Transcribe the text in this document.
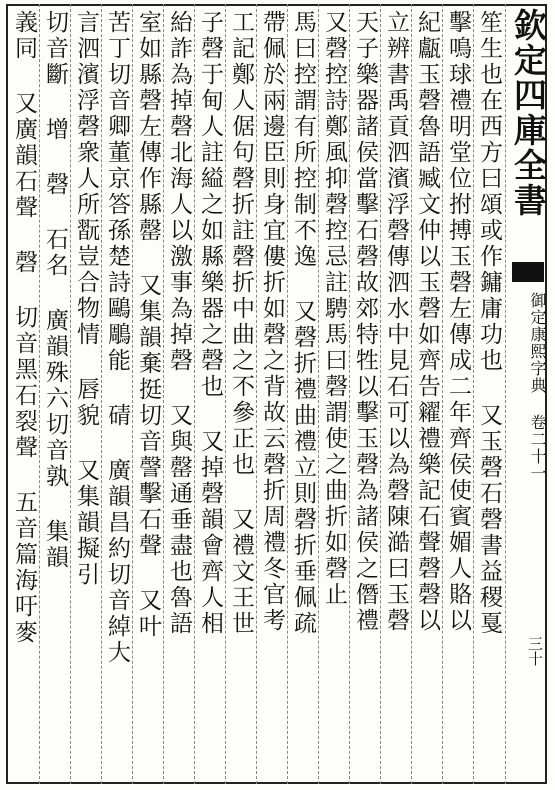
欽定四庫全書
御定康熙字典 卷二十一
三十
笙生也在西方曰頌或作鏞庸功也 又玉磬石磬書益稷戛
擊鳴球禮明堂位拊搏玉磬左傳成二年齊侯使賓媚人賂以
紀甗玉磬魯語臧文仲以玉磬如齊告糴禮樂記石聲磬磬以
立辨書禹貢泗濱浮磬傳泗水中見石可以為磬陳澔曰玉磬
天子樂器諸侯當擊石磬故郊特牲以擊玉磬為諸侯之僭禮
又磬控詩鄭風抑磬控忌註騁馬曰磬謂使之曲折如磬止
馬曰控謂有所控制不逸 又磬折禮曲禮立則磬折垂佩疏
帶佩於兩邊臣則身宜僂折如磬之背故云磬折周禮冬官考
工記鄭人倨句磬折註磬折中曲之不參正也 又禮文王世
子磬于甸人註縊之如縣樂器之磬也 又掉磬韻會齊人相
紿詐為掉磬北海人以激事為掉磬 又與罄通垂盡也魯語
室如縣磬左傳作縣罄 又集韻棄挺切音謦擊石聲 又叶
苦丁切音卿董京答孫楚詩鷗鵰能 碃 廣韻昌約切音綽大
言泗濱浮磬衆人所翫豈合物情 唇貌 又集韻擬引
切音斷 增 磬 石名 廣韻殊六切音孰 集韻
義同 又廣韻石聲 磬 切音黑石裂聲 五音篇海吁麥
